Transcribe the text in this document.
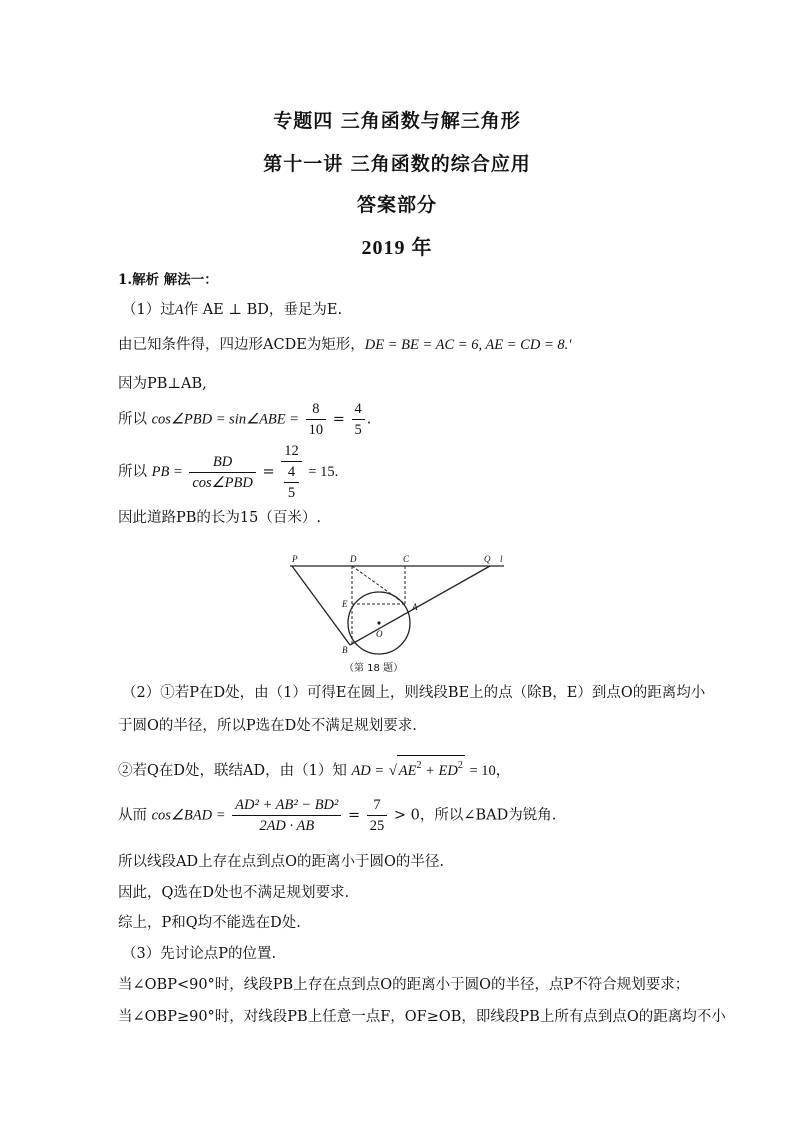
专题四 三角函数与解三角形
第十一讲 三角函数的综合应用
答案部分
2019 年
1.解析 解法一：
（1）过A作 AE ⊥ BD，垂足为E.
由已知条件得，四边形ACDE为矩形，DE = BE = AC = 6, AE = CD = 8.'
因为PB⊥AB,
所以 cos∠PBD = sin∠ABE = $\frac{8}{10} = \frac{4}{5}$ .
所以 PB = $\frac{BD}{\text{cos∠PBD}} = 12$
4
5 = 15.
因此道路PB的长为15（百米）.
P	D	C	Q l
E	A
O
B
（第 18 题）
（2）①若P在D处，由（1）可得E在圆上，则线段BE上的点（除B，E）到点O的距离均小
于圆O的半径，所以P选在D处不满足规划要求.
②若Q在D处，联结AD，由（1）知 AD = √ $AE^2 + ED^2 = 10$，
从而 cos∠BAD = $\frac{\text{AD² + AB² − BD²}}{2AD \cdot AB} = \frac{7}{25} > 0$，所以∠BAD为锐角.
所以线段AD上存在点到点O的距离小于圆O的半径.
因此，Q选在D处也不满足规划要求.
综上，P和Q均不能选在D处.
（3）先讨论点P的位置.
当∠OBP<90°时，线段PB上存在点到点O的距离小于圆O的半径，点P不符合规划要求；
当∠OBP≥90°时，对线段PB上任意一点F，OF≥OB，即线段PB上所有点到点O的距离均不小
